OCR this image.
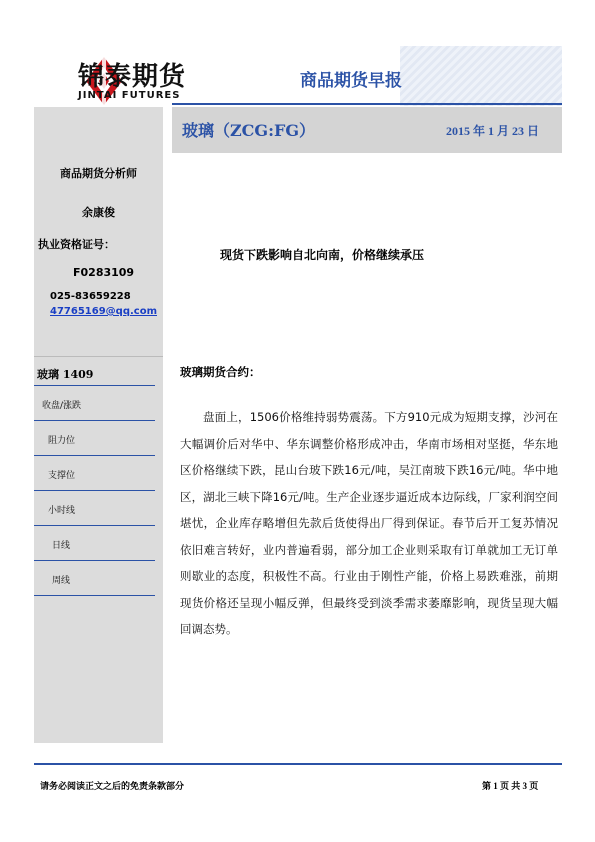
锦泰期货
JINTAI FUTURES
商品期货早报
玻璃（ZCG:FG）	2015 年 1 月 23 日
商品期货分析师
余康俊
执业资格证号：
F0283109
025-83659228
47765169@qq.com
玻璃 1409
收盘/涨跌
阻力位
支撑位
小时线
日线
周线
现货下跌影响自北向南，价格继续承压
玻璃期货合约：
盘面上，1506价格维持弱势震荡。下方910元成为短期支撑，沙河在大幅调价后对华中、华东调整价格形成冲击，华南市场相对坚挺，华东地区价格继续下跌，昆山台玻下跌16元/吨，吴江南玻下跌16元/吨。华中地区，湖北三峡下降16元/吨。生产企业逐步逼近成本边际线，厂家利润空间堪忧，企业库存略增但先款后货使得出厂得到保证。春节后开工复苏情况依旧难言转好，业内普遍看弱，部分加工企业则采取有订单就加工无订单则歇业的态度，积极性不高。行业由于刚性产能，价格上易跌难涨，前期现货价格还呈现小幅反弹，但最终受到淡季需求萎靡影响，现货呈现大幅回调态势。
请务必阅读正文之后的免责条款部分	第 1 页 共 3 页
